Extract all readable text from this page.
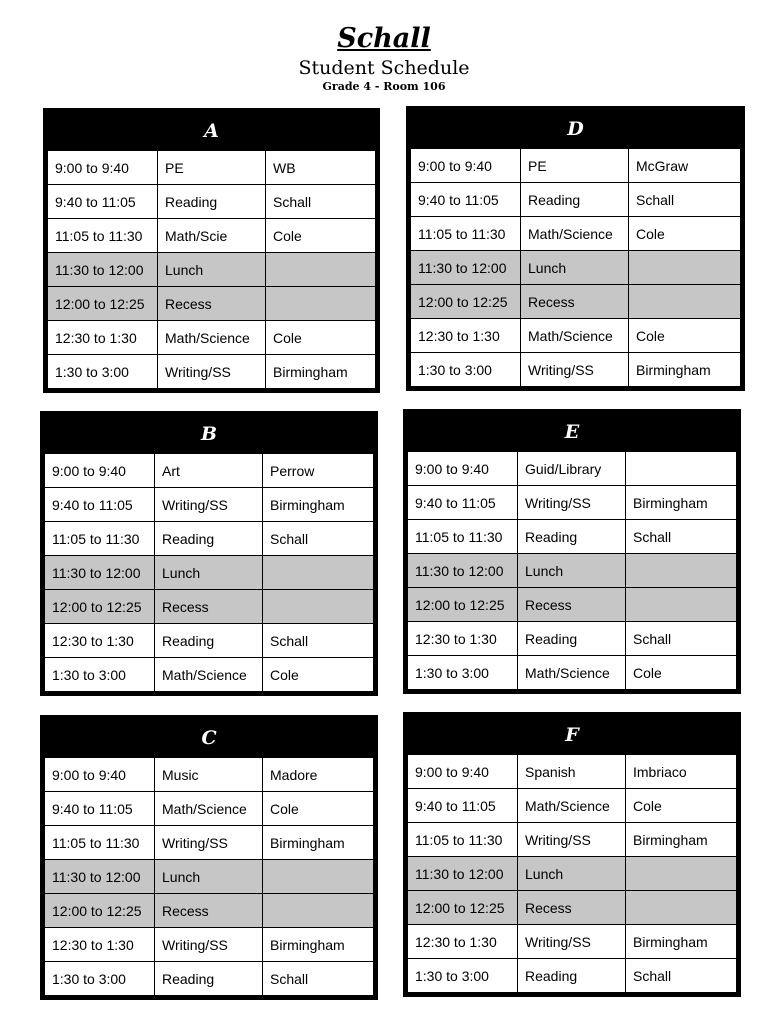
Schall
Student Schedule
Grade 4 - Room 106
A
9:00 to 9:40	PE	WB
9:40 to 11:05	Reading	Schall
11:05 to 11:30	Math/Scie	Cole
11:30 to 12:00	Lunch	
12:00 to 12:25	Recess	
12:30 to 1:30	Math/Science	Cole
1:30 to 3:00	Writing/SS	Birmingham
D
9:00 to 9:40	PE	McGraw
9:40 to 11:05	Reading	Schall
11:05 to 11:30	Math/Science	Cole
11:30 to 12:00	Lunch	
12:00 to 12:25	Recess	
12:30 to 1:30	Math/Science	Cole
1:30 to 3:00	Writing/SS	Birmingham
B
9:00 to 9:40	Art	Perrow
9:40 to 11:05	Writing/SS	Birmingham
11:05 to 11:30	Reading	Schall
11:30 to 12:00	Lunch	
12:00 to 12:25	Recess	
12:30 to 1:30	Reading	Schall
1:30 to 3:00	Math/Science	Cole
E
9:00 to 9:40	Guid/Library	
9:40 to 11:05	Writing/SS	Birmingham
11:05 to 11:30	Reading	Schall
11:30 to 12:00	Lunch	
12:00 to 12:25	Recess	
12:30 to 1:30	Reading	Schall
1:30 to 3:00	Math/Science	Cole
C
9:00 to 9:40	Music	Madore
9:40 to 11:05	Math/Science	Cole
11:05 to 11:30	Writing/SS	Birmingham
11:30 to 12:00	Lunch	
12:00 to 12:25	Recess	
12:30 to 1:30	Writing/SS	Birmingham
1:30 to 3:00	Reading	Schall
F
9:00 to 9:40	Spanish	Imbriaco
9:40 to 11:05	Math/Science	Cole
11:05 to 11:30	Writing/SS	Birmingham
11:30 to 12:00	Lunch	
12:00 to 12:25	Recess	
12:30 to 1:30	Writing/SS	Birmingham
1:30 to 3:00	Reading	Schall
